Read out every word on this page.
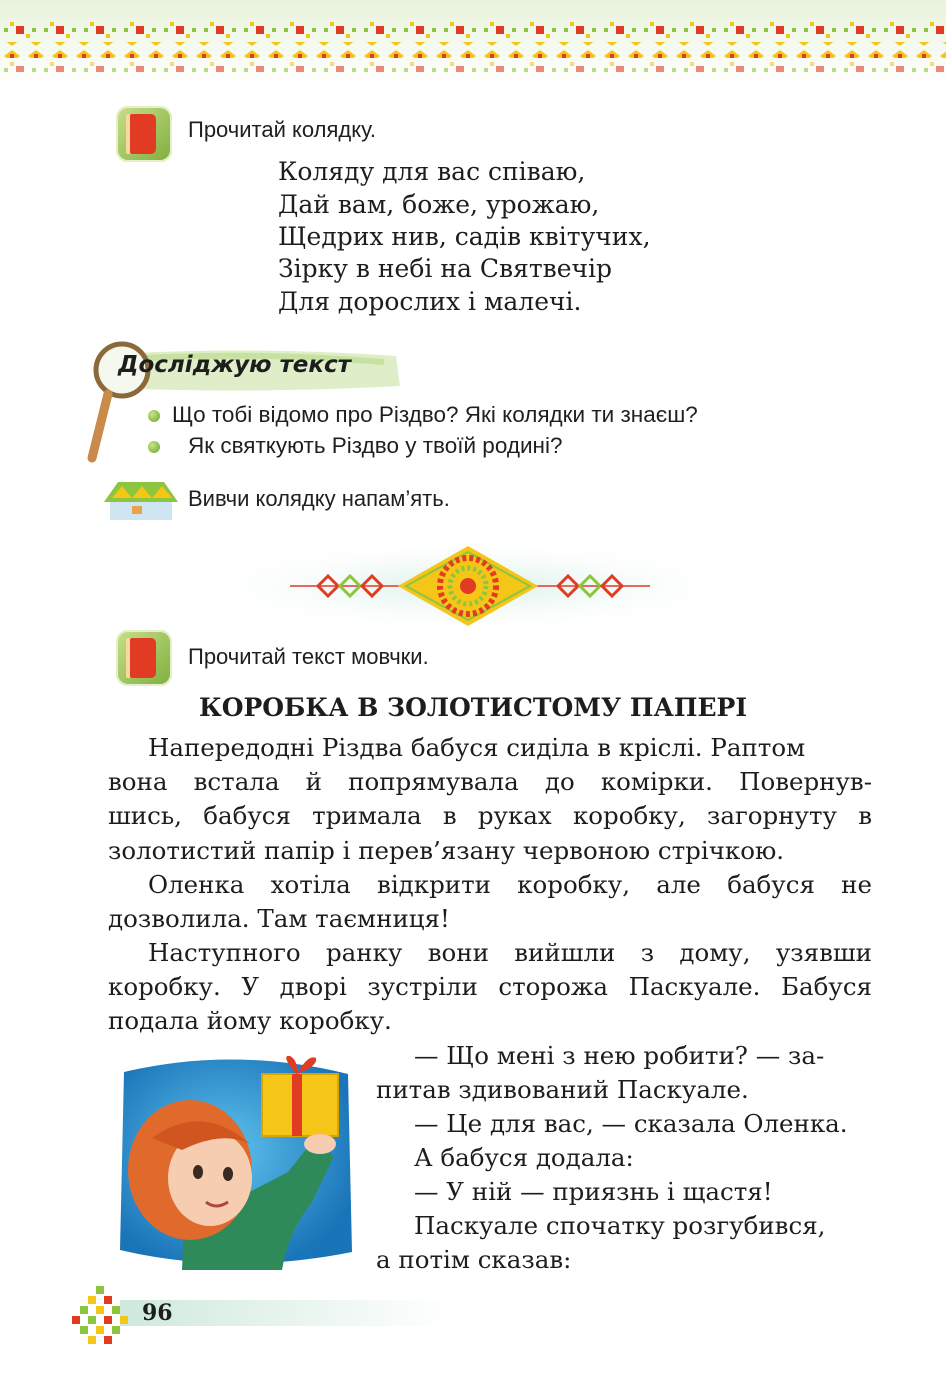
Прочитай колядку.
Коляду для вас співаю,
Дай вам, боже, урожаю,
Щедрих нив, садів квітучих,
Зірку в небі на Святвечір
Для дорослих і малечі.
Досліджую текст
Що тобі відомо про Різдво? Які колядки ти знаєш?
Як святкують Різдво у твоїй родині?
Вивчи колядку напам’ять.
Прочитай текст мовчки.
КОРОБКА В ЗОЛОТИСТОМУ ПАПЕРІ
Напередодні Різдва бабуся сиділа в кріслі. Раптом
вона встала й попрямувала до комірки. Повернув-
шись, бабуся тримала в руках коробку, загорнуту в
золотистий папір і перев’язану червоною стрічкою.
Оленка хотіла відкрити коробку, але бабуся не
дозволила. Там таємниця!
Наступного ранку вони вийшли з дому, узявши
коробку. У дворі зустріли сторожа Паскуале. Бабуся
подала йому коробку.
— Що мені з нею робити? — за-
питав здивований Паскуале.
— Це для вас, — сказала Оленка.
А бабуся додала:
— У ній — приязнь і щастя!
Паскуале спочатку розгубився,
а потім сказав:
96
